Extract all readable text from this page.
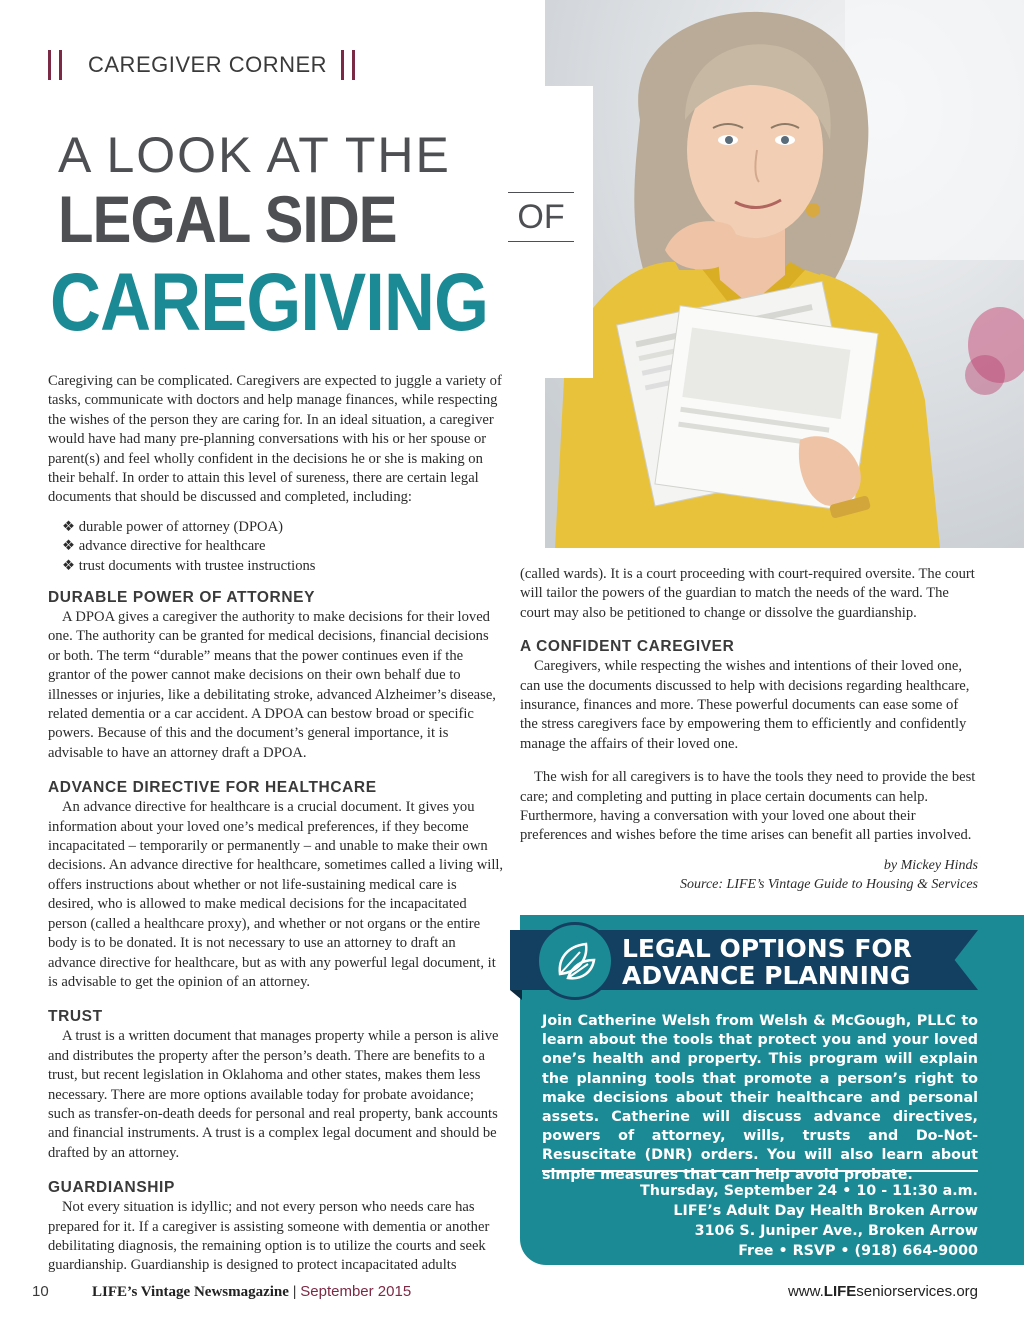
CAREGIVER CORNER
A LOOK AT THE
LEGAL SIDE	OF
CAREGIVING
Caregiving can be complicated. Caregivers are expected to juggle a variety of tasks, communicate with doctors and help manage finances, while respecting the wishes of the person they are caring for. In an ideal situation, a caregiver would have had many pre-planning conversations with his or her spouse or parent(s) and feel wholly confident in the decisions he or she is making on their behalf. In order to attain this level of sureness, there are certain legal documents that should be discussed and completed, including:
❖ durable power of attorney (DPOA)
❖ advance directive for healthcare
❖ trust documents with trustee instructions
DURABLE POWER OF ATTORNEY

A DPOA gives a caregiver the authority to make decisions for their loved one. The authority can be granted for medical decisions, financial decisions or both. The term “durable” means that the power continues even if the grantor of the power cannot make decisions on their own behalf due to illnesses or injuries, like a debilitating stroke, advanced Alzheimer’s disease, related dementia or a car accident. A DPOA can bestow broad or specific powers. Because of this and the document’s general importance, it is advisable to have an attorney draft a DPOA.

ADVANCE DIRECTIVE FOR HEALTHCARE

An advance directive for healthcare is a crucial document. It gives you information about your loved one’s medical preferences, if they become incapacitated – temporarily or permanently – and unable to make their own decisions. An advance directive for healthcare, sometimes called a living will, offers instructions about whether or not life-sustaining medical care is desired, who is allowed to make medical decisions for the incapacitated person (called a healthcare proxy), and whether or not organs or the entire body is to be donated. It is not necessary to use an attorney to draft an advance directive for healthcare, but as with any powerful legal document, it is advisable to get the opinion of an attorney.

TRUST

A trust is a written document that manages property while a person is alive and distributes the property after the person’s death. There are benefits to a trust, but recent legislation in Oklahoma and other states, makes them less necessary. There are more options available today for probate avoidance; such as transfer-on-death deeds for personal and real property, bank accounts and financial instruments. A trust is a complex legal document and should be drafted by an attorney.

GUARDIANSHIP

Not every situation is idyllic; and not every person who needs care has prepared for it. If a caregiver is assisting someone with dementia or another debilitating diagnosis, the remaining option is to utilize the courts and seek guardianship. Guardianship is designed to protect incapacitated adults

(called wards). It is a court proceeding with court-required oversite. The court will tailor the powers of the guardian to match the needs of the ward. The court may also be petitioned to change or dissolve the guardianship.

A CONFIDENT CAREGIVER

Caregivers, while respecting the wishes and intentions of their loved one, can use the documents discussed to help with decisions regarding healthcare, insurance, finances and more. These powerful documents can ease some of the stress caregivers face by empowering them to efficiently and confidently manage the affairs of their loved one.

The wish for all caregivers is to have the tools they need to provide the best care; and completing and putting in place certain documents can help. Furthermore, having a conversation with your loved one about their preferences and wishes before the time arises can benefit all parties involved.

by Mickey Hinds
Source: LIFE’s Vintage Guide to Housing & Services
LEGAL OPTIONS FOR
ADVANCE PLANNING
Join Catherine Welsh from Welsh & McGough, PLLC to learn about the tools that protect you and your loved one’s health and property. This program will explain the planning tools that promote a person’s right to make decisions about their healthcare and personal assets. Catherine will discuss advance directives, powers of attorney, wills, trusts and Do-Not-Resuscitate (DNR) orders. You will also learn about simple measures that can help avoid probate.
Thursday, September 24 • 10 - 11:30 a.m.
LIFE’s Adult Day Health Broken Arrow
3106 S. Juniper Ave., Broken Arrow
Free • RSVP • (918) 664-9000
10	LIFE’s Vintage Newsmagazine | September 2015	www.LIFEseniorservices.org
